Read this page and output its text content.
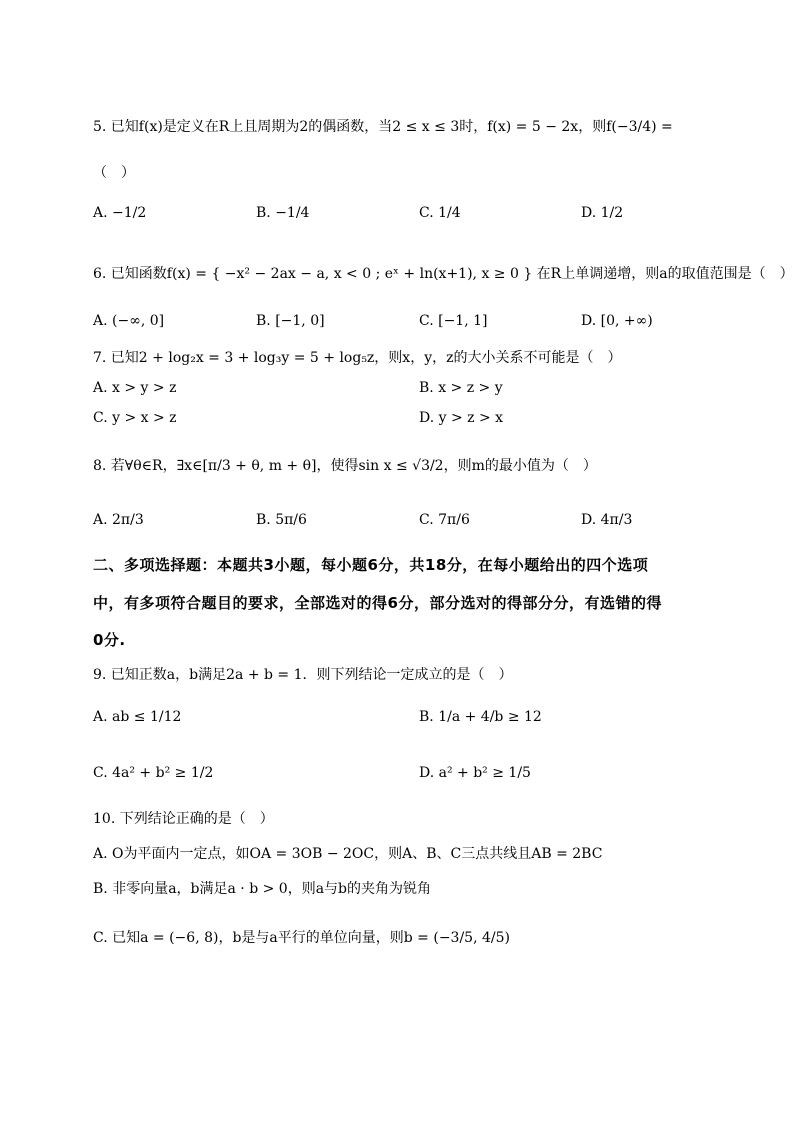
5. 已知f(x)是定义在R上且周期为2的偶函数，当2 ≤ x ≤ 3时，f(x) = 5 − 2x，则f(−3/4) =
（　）
A. −1/2	B. −1/4	C. 1/4	D. 1/2
6. 已知函数f(x) = { −x² − 2ax − a, x < 0 ; eˣ + ln(x+1), x ≥ 0 } 在R上单调递增，则a的取值范围是（　）
A. (−∞, 0]	B. [−1, 0]	C. [−1, 1]	D. [0, +∞)
7. 已知2 + log₂x = 3 + log₃y = 5 + log₅z，则x，y，z的大小关系不可能是（　）
A. x > y > z	B. x > z > y
C. y > x > z	D. y > z > x
8. 若∀θ∈R，∃x∈[π/3 + θ, m + θ]，使得sin x ≤ √3/2，则m的最小值为（　）
A. 2π/3	B. 5π/6	C. 7π/6	D. 4π/3
二、多项选择题：本题共3小题，每小题6分，共18分，在每小题给出的四个选项
中，有多项符合题目的要求，全部选对的得6分，部分选对的得部分分，有选错的得
0分.
9. 已知正数a，b满足2a + b = 1．则下列结论一定成立的是（　）
A. ab ≤ 1/12	B. 1/a + 4/b ≥ 12
C. 4a² + b² ≥ 1/2	D. a² + b² ≥ 1/5
10. 下列结论正确的是（　）
A. O为平面内一定点，如OA = 3OB − 2OC，则A、B、C三点共线且AB = 2BC
B. 非零向量a，b满足a · b > 0，则a与b的夹角为锐角
C. 已知a = (−6, 8)，b是与a平行的单位向量，则b = (−3/5, 4/5)
